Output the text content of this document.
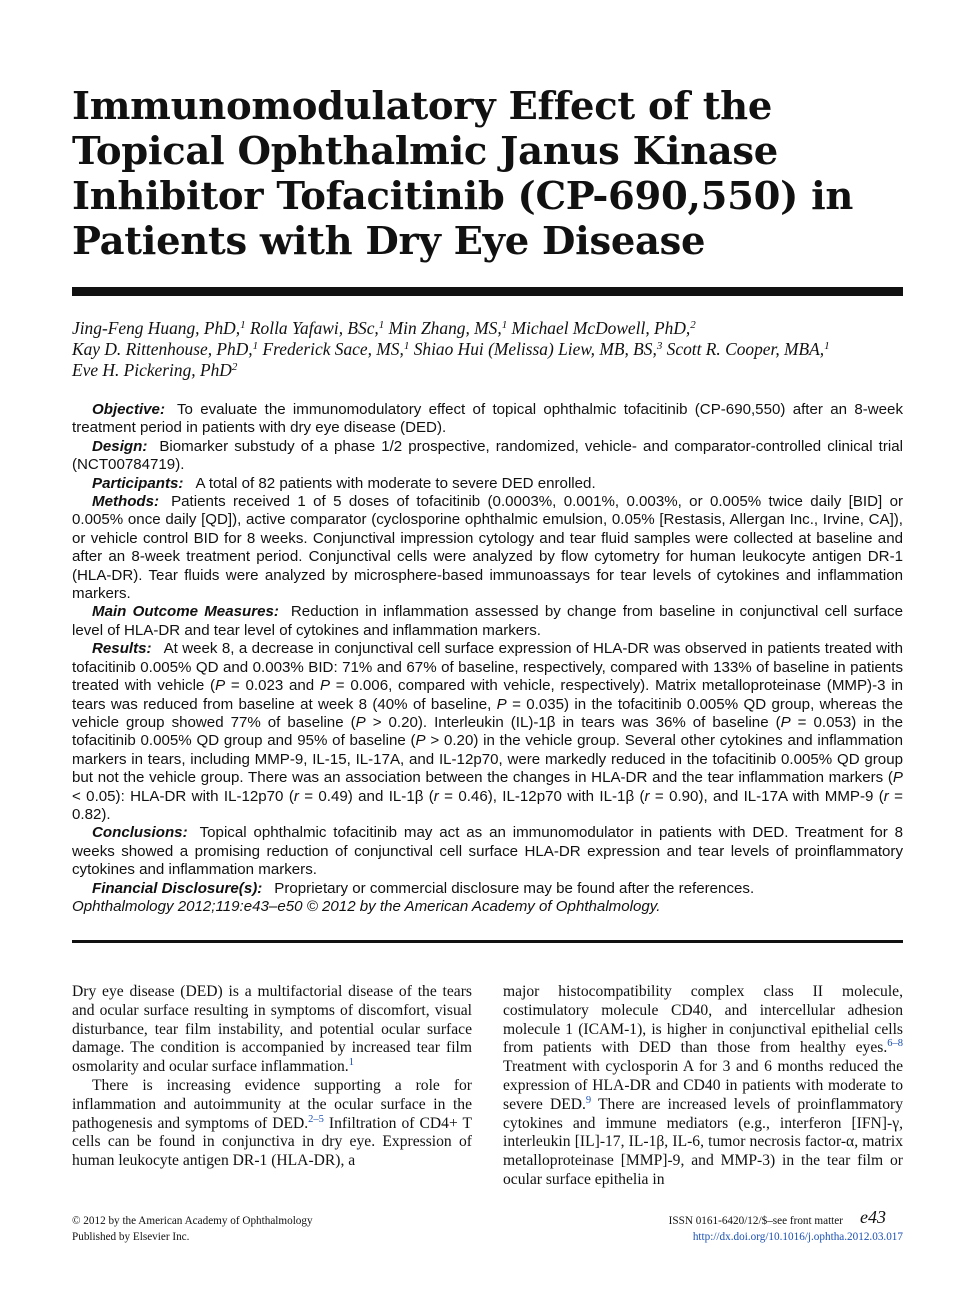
Immunomodulatory Effect of the Topical Ophthalmic Janus Kinase Inhibitor Tofacitinib (CP-690,550) in Patients with Dry Eye Disease
Jing-Feng Huang, PhD,$^1$ Rolla Yafawi, BSc,$^1$ Min Zhang, MS,$^1$ Michael McDowell, PhD,$^2$
Kay D. Rittenhouse, PhD,$^1$ Frederick Sace, MS,$^1$ Shiao Hui (Melissa) Liew, MB, BS,$^3$ Scott R. Cooper, MBA,$^1$
Eve H. Pickering, PhD$^2$

Objective: To evaluate the immunomodulatory effect of topical ophthalmic tofacitinib (CP-690,550) after an 8-week treatment period in patients with dry eye disease (DED).

Design: Biomarker substudy of a phase 1/2 prospective, randomized, vehicle- and comparator-controlled clinical trial (NCT00784719).

Participants: A total of 82 patients with moderate to severe DED enrolled.

Methods: Patients received 1 of 5 doses of tofacitinib (0.0003%, 0.001%, 0.003%, or 0.005% twice daily [BID] or 0.005% once daily [QD]), active comparator (cyclosporine ophthalmic emulsion, 0.05% [Restasis, Allergan Inc., Irvine, CA]), or vehicle control BID for 8 weeks. Conjunctival impression cytology and tear fluid samples were collected at baseline and after an 8-week treatment period. Conjunctival cells were analyzed by flow cytometry for human leukocyte antigen DR-1 (HLA-DR). Tear fluids were analyzed by microsphere-based immunoassays for tear levels of cytokines and inflammation markers.

Main Outcome Measures: Reduction in inflammation assessed by change from baseline in conjunctival cell surface level of HLA-DR and tear level of cytokines and inflammation markers.

Results: At week 8, a decrease in conjunctival cell surface expression of HLA-DR was observed in patients treated with tofacitinib 0.005% QD and 0.003% BID: 71% and 67% of baseline, respectively, compared with 133% of baseline in patients treated with vehicle (P = 0.023 and P = 0.006, compared with vehicle, respectively). Matrix metalloproteinase (MMP)-3 in tears was reduced from baseline at week 8 (40% of baseline, P = 0.035) in the tofacitinib 0.005% QD group, whereas the vehicle group showed 77% of baseline (P > 0.20). Interleukin (IL)-1β in tears was 36% of baseline (P = 0.053) in the tofacitinib 0.005% QD group and 95% of baseline (P > 0.20) in the vehicle group. Several other cytokines and inflammation markers in tears, including MMP-9, IL-15, IL-17A, and IL-12p70, were markedly reduced in the tofacitinib 0.005% QD group but not the vehicle group. There was an association between the changes in HLA-DR and the tear inflammation markers (P < 0.05): HLA-DR with IL-12p70 (r = 0.49) and IL-1β (r = 0.46), IL-12p70 with IL-1β (r = 0.90), and IL-17A with MMP-9 (r = 0.82).

Conclusions: Topical ophthalmic tofacitinib may act as an immunomodulator in patients with DED. Treatment for 8 weeks showed a promising reduction of conjunctival cell surface HLA-DR expression and tear levels of proinflammatory cytokines and inflammation markers.

Financial Disclosure(s): Proprietary or commercial disclosure may be found after the references.

Ophthalmology 2012;119:e43–e50 © 2012 by the American Academy of Ophthalmology.

Dry eye disease (DED) is a multifactorial disease of the tears and ocular surface resulting in symptoms of discomfort, visual disturbance, tear film instability, and potential ocular surface damage. The condition is accompanied by increased tear film osmolarity and ocular surface inflammation.$^1$

There is increasing evidence supporting a role for inflammation and autoimmunity at the ocular surface in the pathogenesis and symptoms of DED.$^{2-5}$ Infiltration of CD4+ T cells can be found in conjunctiva in dry eye. Expression of human leukocyte antigen DR-1 (HLA-DR), a

major histocompatibility complex class II molecule, costimulatory molecule CD40, and intercellular adhesion molecule 1 (ICAM-1), is higher in conjunctival epithelial cells from patients with DED than those from healthy eyes.$^{6-8}$ Treatment with cyclosporin A for 3 and 6 months reduced the expression of HLA-DR and CD40 in patients with moderate to severe DED.$^9$ There are increased levels of proinflammatory cytokines and immune mediators (e.g., interferon [IFN]-γ, interleukin [IL]-17, IL-1β, IL-6, tumor necrosis factor-α, matrix metalloproteinase [MMP]-9, and MMP-3) in the tear film or ocular surface epithelia in

© 2012 by the American Academy of Ophthalmology
Published by Elsevier Inc.
ISSN 0161-6420/12/$–see front matter
http://dx.doi.org/10.1016/j.ophtha.2012.03.017
e43
